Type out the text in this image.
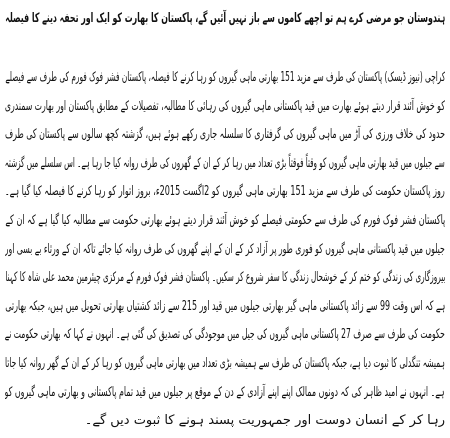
ہندوستان جو مرضی کرے ہم تو اچھے کاموں سے باز نہیں آئیں گے، پاکستان کا بھارت کو ایک اور تحفہ دینے کا فیصلہ
کراچی (نیوز ڈیسک) پاکستان کی طرف سے مزید 151 بھارتی ماہی گیروں کو رہا کرنے کا فیصلہ، پاکستان فشر فوک فورم کی طرف سے فیصلے
کو خوش آئند قرار دیتے ہوئے بھارت میں قید پاکستانی ماہی گیروں کی رہائی کا مطالبہ، تفصیلات کے مطابق پاکستان اور بھارت سمندری
حدود کی خلاف ورزی کی آڑ میں ماہی گیروں کی گرفتاری کا سلسلہ جاری رکھے ہوئے ہیں، گزشتہ کچھ سالوں سے پاکستان کی طرف
سے جیلوں میں قید بھارتی ماہی گیروں کو وقتاً فوقتاً بڑی تعداد میں رہا کر کے ان کے گھروں کی طرف روانہ کیا جا رہا ہے۔ اس سلسلے میں گزشتہ
روز پاکستان حکومت کی طرف سے مزید 151 بھارتی ماہی گیروں کو 2اگست 2015ء، بروز اتوار کو رہا کرنے کا فیصلہ کیا گیا ہے۔
پاکستان فشر فوک فورم کی طرف سے حکومتی فیصلے کو خوش آئند قرار دیتے ہوئے بھارتی حکومت سے مطالبہ کیا گیا ہے کہ ان کے
جیلوں میں قید پاکستانی ماہی گیروں کو فوری طور پر آزاد کر کے ان کے اپنے گھروں کی طرف روانہ کیا جائے تاکہ ان کے ورثاء بے بسی اور
بیروزگاری کی زندگی کو ختم کر کے خوشحال زندگی کا سفر شروع کر سکیں۔ پاکستان فشر فوک فورم کے مرکزی چیئرمین محمد علی شاہ کا کہنا
ہے کہ اس وقت 99 سے زائد پاکستانی ماہی گیر بھارتی جیلوں میں قید اور 215 سے زائد کشتیاں بھارتی تحویل میں ہیں، جبکہ بھارتی
حکومت کی طرف سے صرف 27 پاکستانی ماہی گیروں کی جیل میں موجودگی کی تصدیق کی گئی ہے۔ انہوں نے کہا کہ بھارتی حکومت نے
ہمیشہ تنگدلی کا ثبوت دیا ہے، جبکہ پاکستان کی طرف سے ہمیشہ بڑی تعداد میں بھارتی ماہی گیروں کو رہا کر کے ان کے گھر روانہ کیا جاتا
ہے۔ انہوں نے امید ظاہر کی کہ دونوں ممالک اپنے اپنے آزادی کے دن کے موقع پر جیلوں میں قید تمام پاکستانی و بھارتی ماہی گیروں کو
رہا کر کے انسان دوست اور جمہوریت پسند ہونے کا ثبوت دیں گے۔
